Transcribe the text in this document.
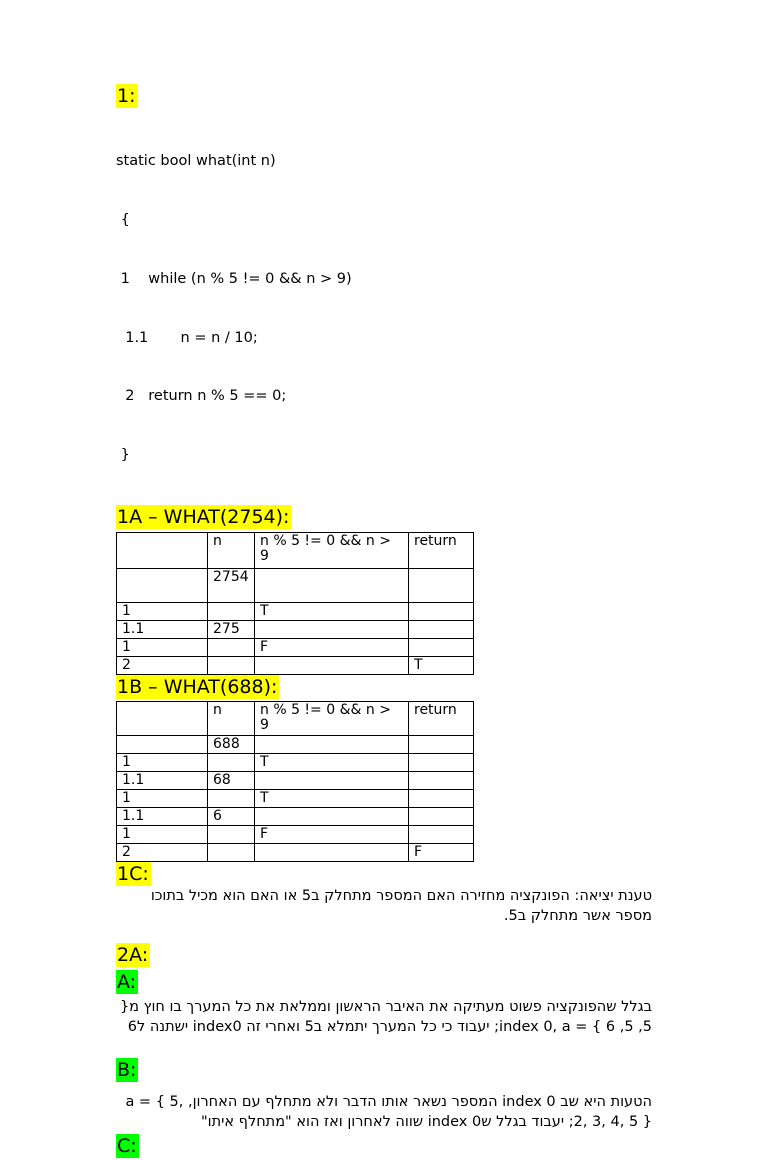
1:

static bool what(int n)

{

1    while (n % 5 != 0 && n > 9)

1.1       n = n / 10;

2   return n % 5 == 0;

}

1A – WHAT(2754):
	n	n % 5 != 0 && n > 9	return
	2754		
1		T	
1.1	275		
1		F	
2			T
1B – WHAT(688):
	n	n % 5 != 0 && n > 9	return
	688		
1		T	
1.1	68		
1		T	
1.1	6		
1		F	
2			F
1C:
טענת יציאה: הפונקציה מחזירה האם המספר מתחלק ב5 או האם הוא מכיל בתוכו מספר אשר מתחלק ב5.
2A:
A:
בגלל שהפונקציה פשוט מעתיקה את האיבר הראשון וממלאת את כל המערך בו חוץ מ{ 5, 5, 6 } = index 0, a; יעבוד כי כל המערך יתמלא ב5 ואחרי זה index0 ישתנה ל6
B:
הטעות היא שב index 0 המספר נשאר אותו הדבר ולא מתחלף עם האחרון, a = { 5, 2, 3, 4, 5 }; יעבוד בגלל שindex 0 שווה לאחרון ואז הוא "מתחלף איתו"
C:
